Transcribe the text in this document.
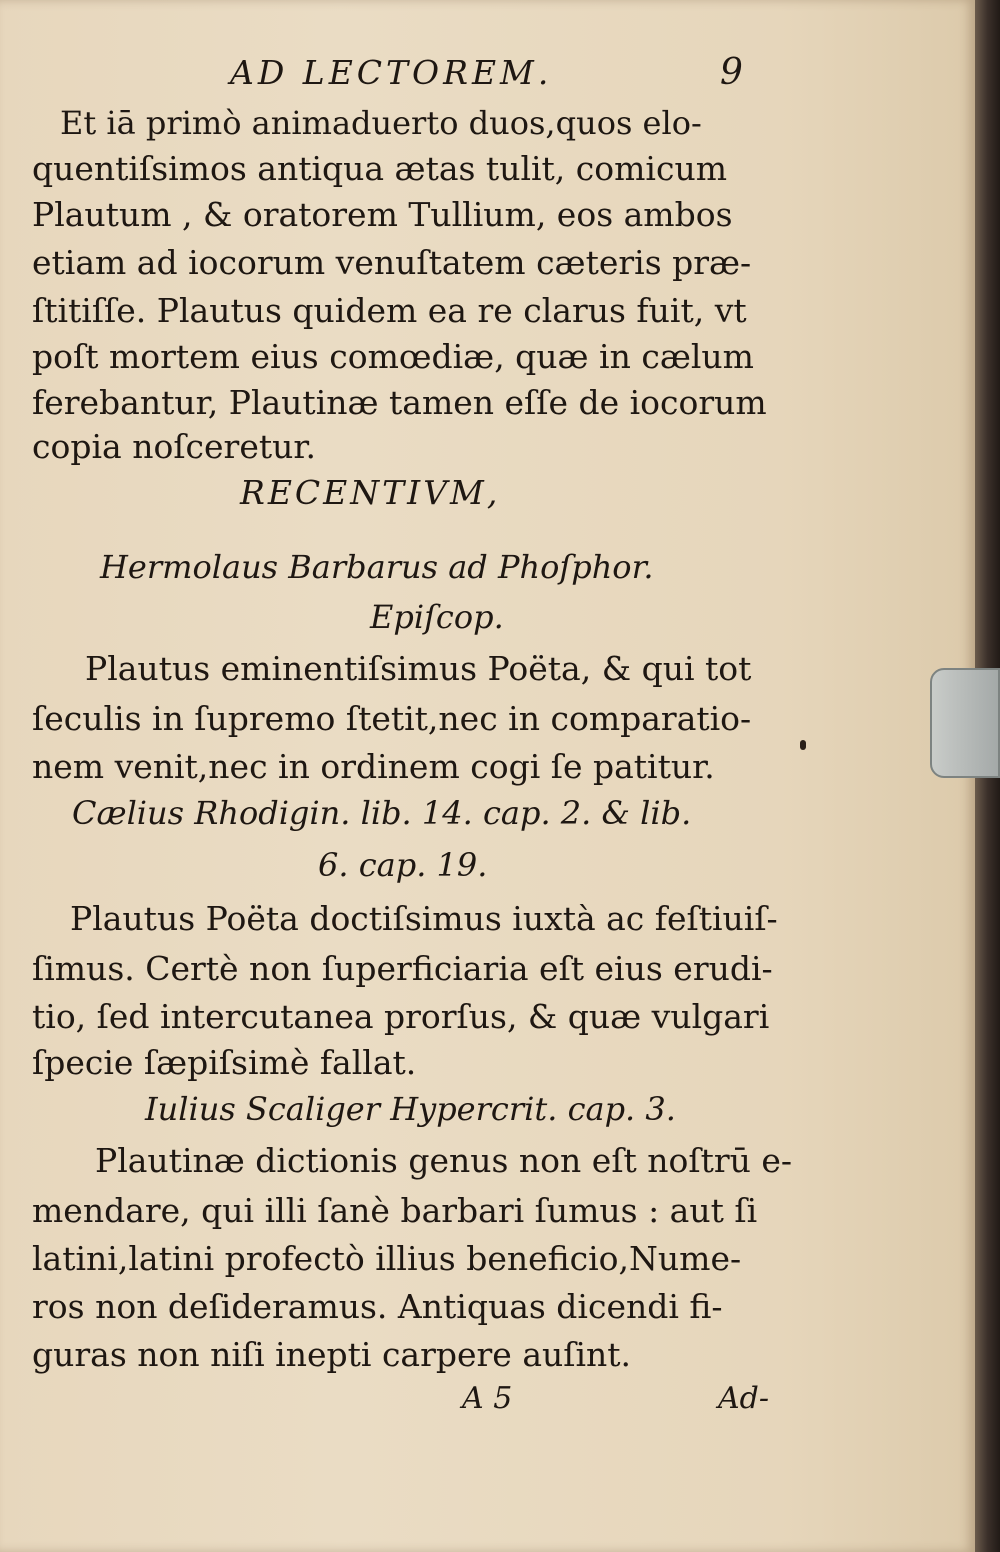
AD LECTOREM.	9
Et iā primò animaduerto duos,quos elo-
quentiſsimos antiqua ætas tulit, comicum
Plautum , & oratorem Tullium, eos ambos
etiam ad iocorum venuſtatem cæteris præ-
ſtitiſſe. Plautus quidem ea re clarus fuit, vt
poſt mortem eius comœdiæ, quæ in cælum
ferebantur, Plautinæ tamen eſſe de iocorum
copia noſceretur.
RECENTIVM,
Hermolaus Barbarus ad Phoſphor.
Epiſcop.
Plautus eminentiſsimus Poëta, & qui tot
ſeculis in ſupremo ſtetit,nec in comparatio-
nem venit,nec in ordinem cogi ſe patitur.
Cælius Rhodigin. lib. 14. cap. 2. & lib.
6. cap. 19.
Plautus Poëta doctiſsimus iuxtà ac feſtiuiſ-
ſimus. Certè non ſuperficiaria eſt eius erudi-
tio, ſed intercutanea prorſus, & quæ vulgari
ſpecie ſæpiſsimè fallat.
Iulius Scaliger Hypercrit. cap. 3.
Plautinæ dictionis genus non eſt noſtrū e-
mendare, qui illi ſanè barbari ſumus : aut ſi
latini,latini profectò illius beneficio,Nume-
ros non deſideramus. Antiquas dicendi fi-
guras non niſi inepti carpere auſint.
A 5	Ad-
